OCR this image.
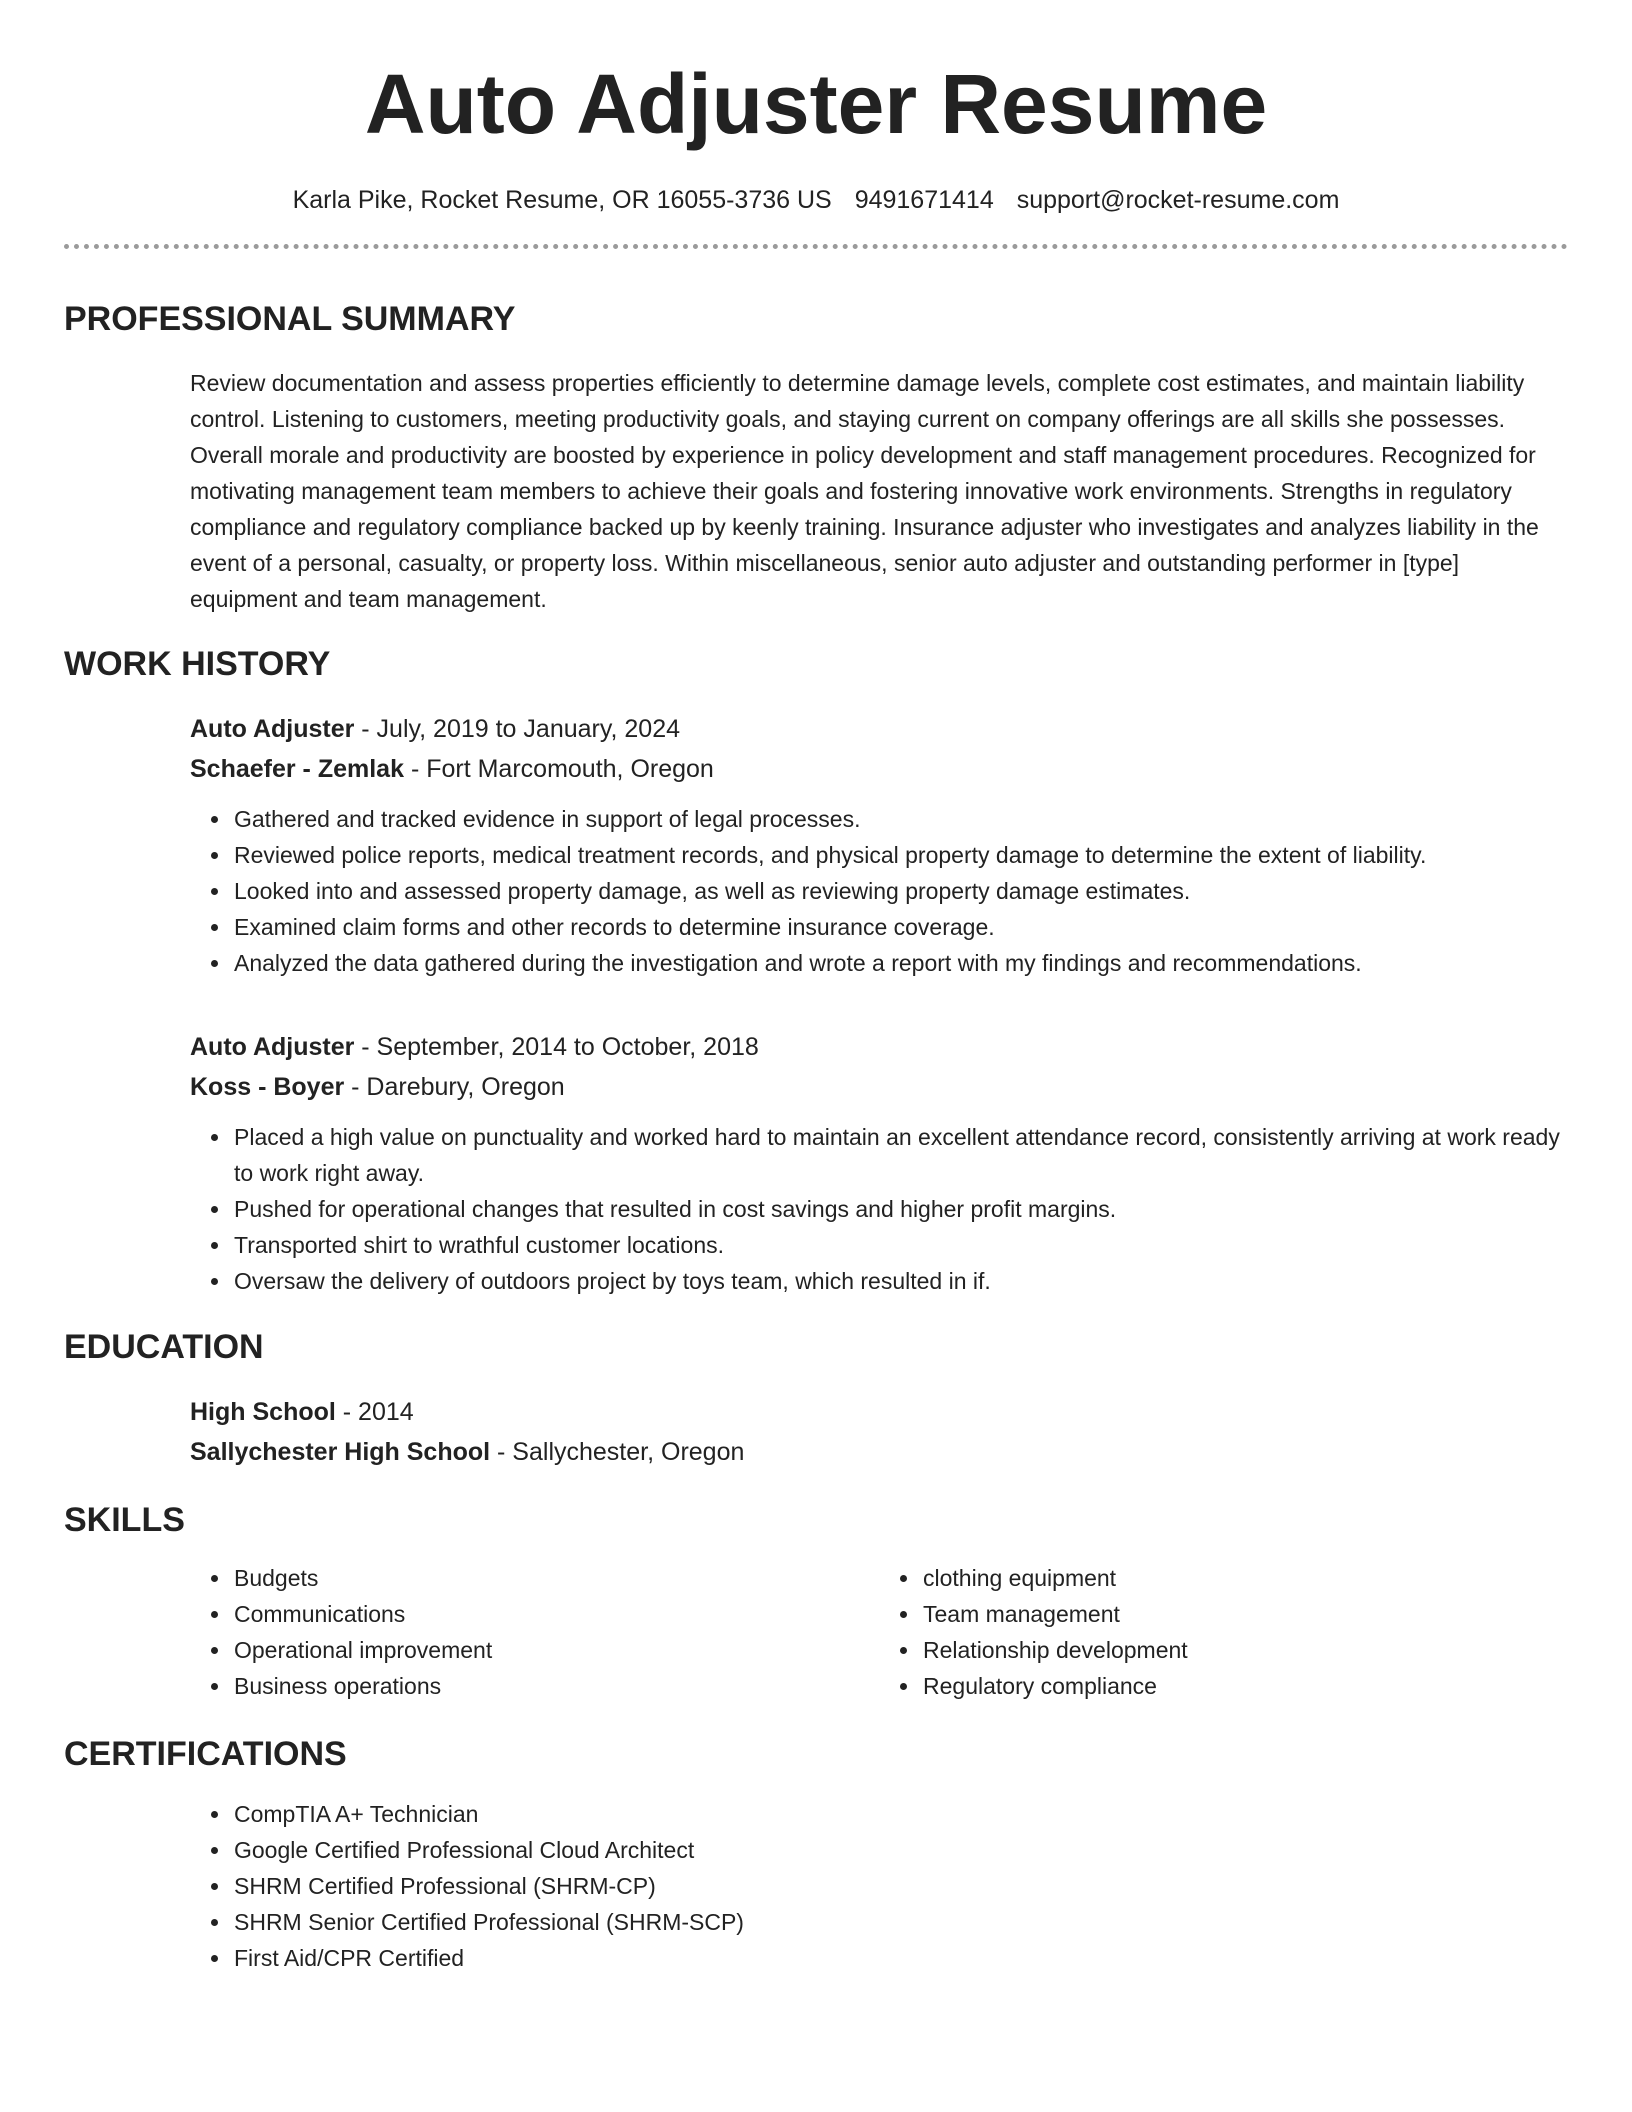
Auto Adjuster Resume
Karla Pike, Rocket Resume, OR 16055-3736 US 9491671414 support@rocket-resume.com
PROFESSIONAL SUMMARY

Review documentation and assess properties efficiently to determine damage levels, complete cost estimates, and maintain liability control. Listening to customers, meeting productivity goals, and staying current on company offerings are all skills she possesses. Overall morale and productivity are boosted by experience in policy development and staff management procedures. Recognized for motivating management team members to achieve their goals and fostering innovative work environments. Strengths in regulatory compliance and regulatory compliance backed up by keenly training. Insurance adjuster who investigates and analyzes liability in the event of a personal, casualty, or property loss. Within miscellaneous, senior auto adjuster and outstanding performer in [type] equipment and team management.

WORK HISTORY
Auto Adjuster - July, 2019 to January, 2024
Schaefer - Zemlak - Fort Marcomouth, Oregon
• Gathered and tracked evidence in support of legal processes.
• Reviewed police reports, medical treatment records, and physical property damage to determine the extent of liability.
• Looked into and assessed property damage, as well as reviewing property damage estimates.
• Examined claim forms and other records to determine insurance coverage.
• Analyzed the data gathered during the investigation and wrote a report with my findings and recommendations.
Auto Adjuster - September, 2014 to October, 2018
Koss - Boyer - Darebury, Oregon
• Placed a high value on punctuality and worked hard to maintain an excellent attendance record, consistently arriving at work ready to work right away.
• Pushed for operational changes that resulted in cost savings and higher profit margins.
• Transported shirt to wrathful customer locations.
• Oversaw the delivery of outdoors project by toys team, which resulted in if.
EDUCATION
High School - 2014
Sallychester High School - Sallychester, Oregon
SKILLS
• Budgets
• Communications
• Operational improvement
• Business operations
• clothing equipment
• Team management
• Relationship development
• Regulatory compliance
CERTIFICATIONS
• CompTIA A+ Technician
• Google Certified Professional Cloud Architect
• SHRM Certified Professional (SHRM-CP)
• SHRM Senior Certified Professional (SHRM-SCP)
• First Aid/CPR Certified
